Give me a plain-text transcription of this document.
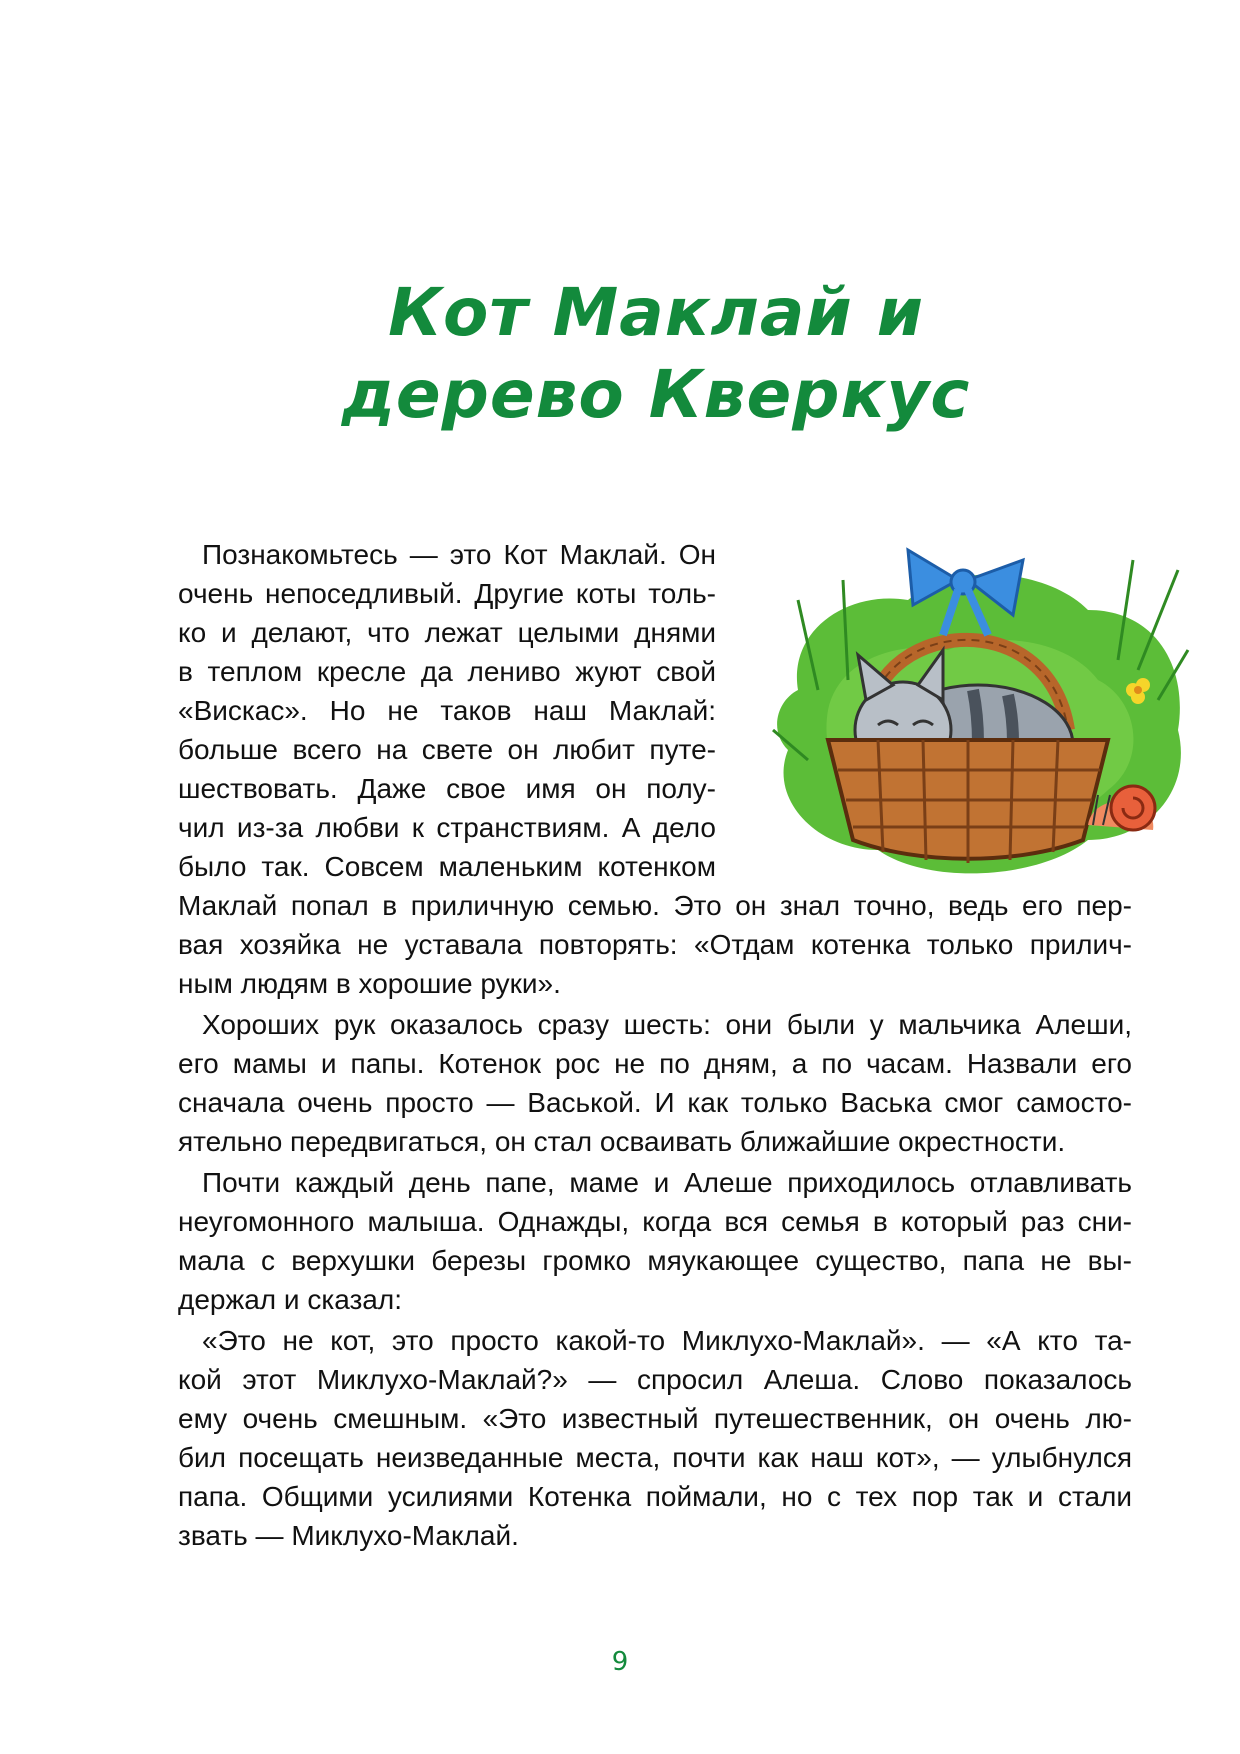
Кот Маклай и
дерево Кверкус
Познакомьтесь — это Кот Маклай. Он
очень непоседливый. Другие коты толь-
ко и делают, что лежат целыми днями
в теплом кресле да лениво жуют свой
«Вискас». Но не таков наш Маклай:
больше всего на свете он любит путе-
шествовать. Даже свое имя он полу-
чил из-за любви к странствиям. А дело
было так. Совсем маленьким котенком
Маклай попал в приличную семью. Это он знал точно, ведь его пер-
вая хозяйка не уставала повторять: «Отдам котенка только прилич-
ным людям в хорошие руки».
Хороших рук оказалось сразу шесть: они были у мальчика Алеши,
его мамы и папы. Котенок рос не по дням, а по часам. Назвали его
сначала очень просто — Васькой. И как только Васька смог самосто-
ятельно передвигаться, он стал осваивать ближайшие окрестности.
Почти каждый день папе, маме и Алеше приходилось отлавливать
неугомонного малыша. Однажды, когда вся семья в который раз сни-
мала с верхушки березы громко мяукающее существо, папа не вы-
держал и сказал:
«Это не кот, это просто какой-то Миклухо-Маклай». — «А кто та-
кой этот Миклухо-Маклай?» — спросил Алеша. Слово показалось
ему очень смешным. «Это известный путешественник, он очень лю-
бил посещать неизведанные места, почти как наш кот», — улыбнулся
папа. Общими усилиями Котенка поймали, но с тех пор так и стали
звать — Миклухо-Маклай.
9
